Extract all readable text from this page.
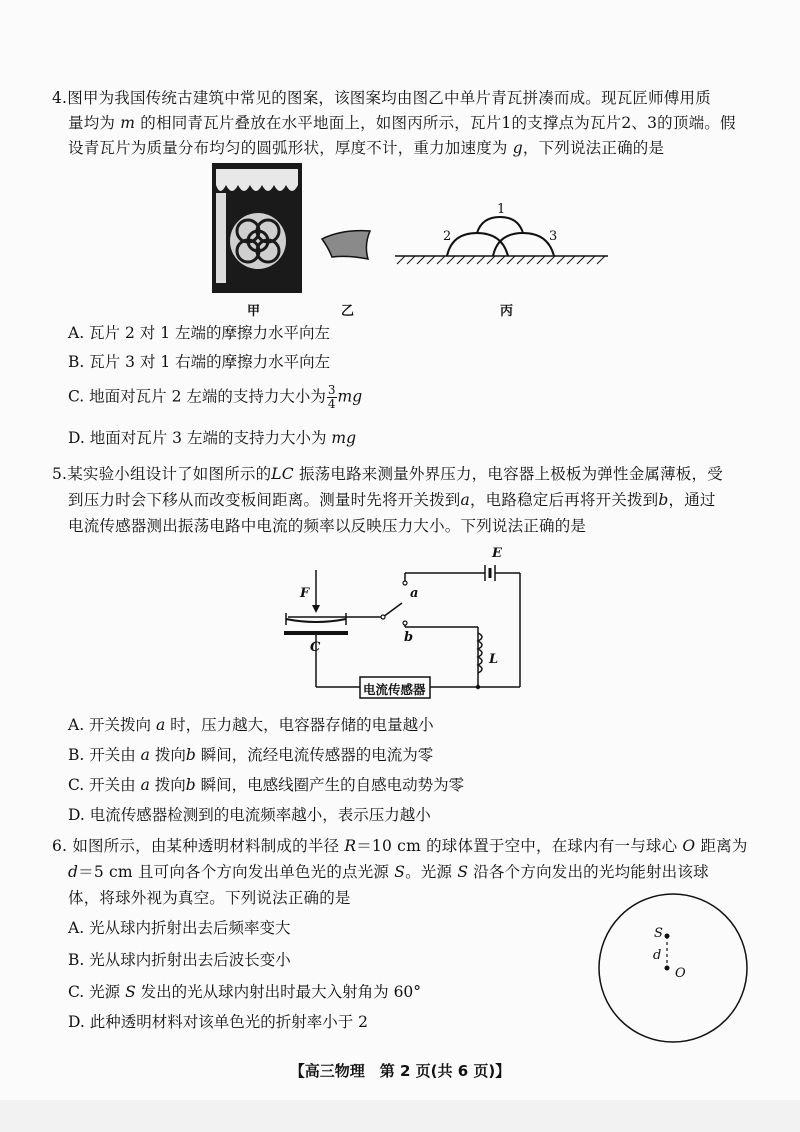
4.图甲为我国传统古建筑中常见的图案，该图案均由图乙中单片青瓦拼凑而成。现瓦匠师傅用质
量均为 m 的相同青瓦片叠放在水平地面上，如图丙所示，瓦片1的支撑点为瓦片2、3的顶端。假
设青瓦片为质量分布均匀的圆弧形状，厚度不计，重力加速度为 g，下列说法正确的是
甲	乙
1
2	3
丙
A. 瓦片 2 对 1 左端的摩擦力水平向左
B. 瓦片 3 对 1 右端的摩擦力水平向左
C. 地面对瓦片 2 左端的支持力大小为 $\frac{3}{4}$ mg
D. 地面对瓦片 3 左端的支持力大小为 mg
5.某实验小组设计了如图所示的LC 振荡电路来测量外界压力，电容器上极板为弹性金属薄板，受
到压力时会下移从而改变板间距离。测量时先将开关拨到a，电路稳定后再将开关拨到b，通过
电流传感器测出振荡电路中电流的频率以反映压力大小。下列说法正确的是
E
F	a
b
C
L
电流传感器
A. 开关拨向 a 时，压力越大，电容器存储的电量越小
B. 开关由 a 拨向b 瞬间，流经电流传感器的电流为零
C. 开关由 a 拨向b 瞬间，电感线圈产生的自感电动势为零
D. 电流传感器检测到的电流频率越小，表示压力越小
6. 如图所示，由某种透明材料制成的半径 R＝10 cm 的球体置于空中，在球内有一与球心 O 距离为
d＝5 cm 且可向各个方向发出单色光的点光源 S。光源 S 沿各个方向发出的光均能射出该球
体，将球外视为真空。下列说法正确的是
A. 光从球内折射出去后频率变大
B. 光从球内折射出去后波长变小
C. 光源 S 发出的光从球内射出时最大入射角为 60°
D. 此种透明材料对该单色光的折射率小于 2
S
d
O
【高三物理　第 2 页(共 6 页)】
